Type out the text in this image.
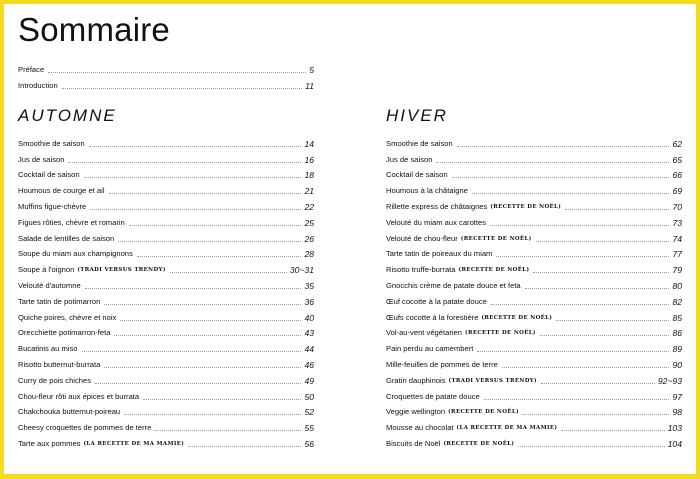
Sommaire
Préface	5
Introduction	11
AUTOMNE
Smoothie de saison	14
Jus de saison	16
Cocktail de saison	18
Houmous de courge et ail	21
Muffins figue-chèvre	22
Figues rôties, chèvre et romarin	25
Salade de lentilles de saison	26
Soupe du miam aux champignons	28
Soupe à l'oignon (TRADI VERSUS TRENDY)	30~31
Velouté d'automne	35
Tarte tatin de potimarron	36
Quiche poires, chèvre et noix	40
Orecchiette potimarron-feta	43
Bucatinis au miso	44
Risotto butternut-burrata	46
Curry de pois chiches	49
Chou-fleur rôti aux épices et burrata	50
Chakchouka butternut-poireau	52
Cheesy croquettes de pommes de terre	55
Tarte aux pommes (LA RECETTE DE MA MAMIE)	56
HIVER
Smoothie de saison	62
Jus de saison	65
Cocktail de saison	66
Houmous à la châtaigne	69
Rillette express de châtaignes (RECETTE DE NOËL)	70
Velouté du miam aux carottes	73
Velouté de chou-fleur (RECETTE DE NOËL)	74
Tarte tatin de poireaux du miam	77
Risotto truffe-burrata (RECETTE DE NOËL)	79
Gnocchis crème de patate douce et feta	80
Œuf cocotte à la patate douce	82
Œufs cocotte à la forestière (RECETTE DE NOËL)	85
Vol-au-vent végétarien (RECETTE DE NOËL)	86
Pain perdu au camembert	89
Mille-feuilles de pommes de terre	90
Gratin dauphinois (TRADI VERSUS TRENDY)	92~93
Croquettes de patate douce	97
Veggie wellington (RECETTE DE NOËL)	98
Mousse au chocolat (LA RECETTE DE MA MAMIE)	103
Biscuits de Noël (RECETTE DE NOËL)	104
